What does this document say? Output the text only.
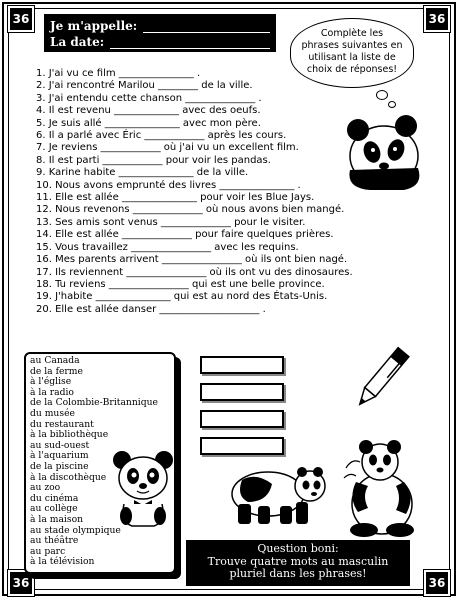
36	36
36	36
Je m'appelle:
La date:
Complète les phrases suivantes en utilisant la liste de choix de réponses!
1. J'ai vu ce film _______________ .
2. J'ai rencontré Marilou ________ de la ville.
3. J'ai entendu cette chanson ______________ .
4. Il est revenu _____________ avec des oeufs.
5. Je suis allé _______________ avec mon père.
6. Il a parlé avec Éric ____________ après les cours.
7. Je reviens ____________ où j'ai vu un excellent film.
8. Il est parti ____________ pour voir les pandas.
9. Karine habite _______________ de la ville.
10. Nous avons emprunté des livres _______________ .
11. Elle est allée _______________ pour voir les Blue Jays.
12. Nous revenons ______________ où nous avons bien mangé.
13. Ses amis sont venus ______________ pour le visiter.
14. Elle est allée ______________ pour faire quelques prières.
15. Vous travaillez ________________ avec les requins.
16. Mes parents arrivent ________________ où ils ont bien nagé.
17. Ils reviennent ________________ où ils ont vu des dinosaures.
18. Tu reviens ________________ qui est une belle province.
19. J'habite _______________ qui est au nord des États-Unis.
20. Elle est allée danser ____________________ .
au Canada
de la ferme
à l'église
à la radio
de la Colombie-Britannique
du musée
du restaurant
à la bibliothèque
au sud-ouest
à l'aquarium
de la piscine
à la discothèque
au zoo
du cinéma
au collège
à la maison
au stade olympique
au théâtre
au parc
à la télévision
Question boni:
Trouve quatre mots au masculin
pluriel dans les phrases!
